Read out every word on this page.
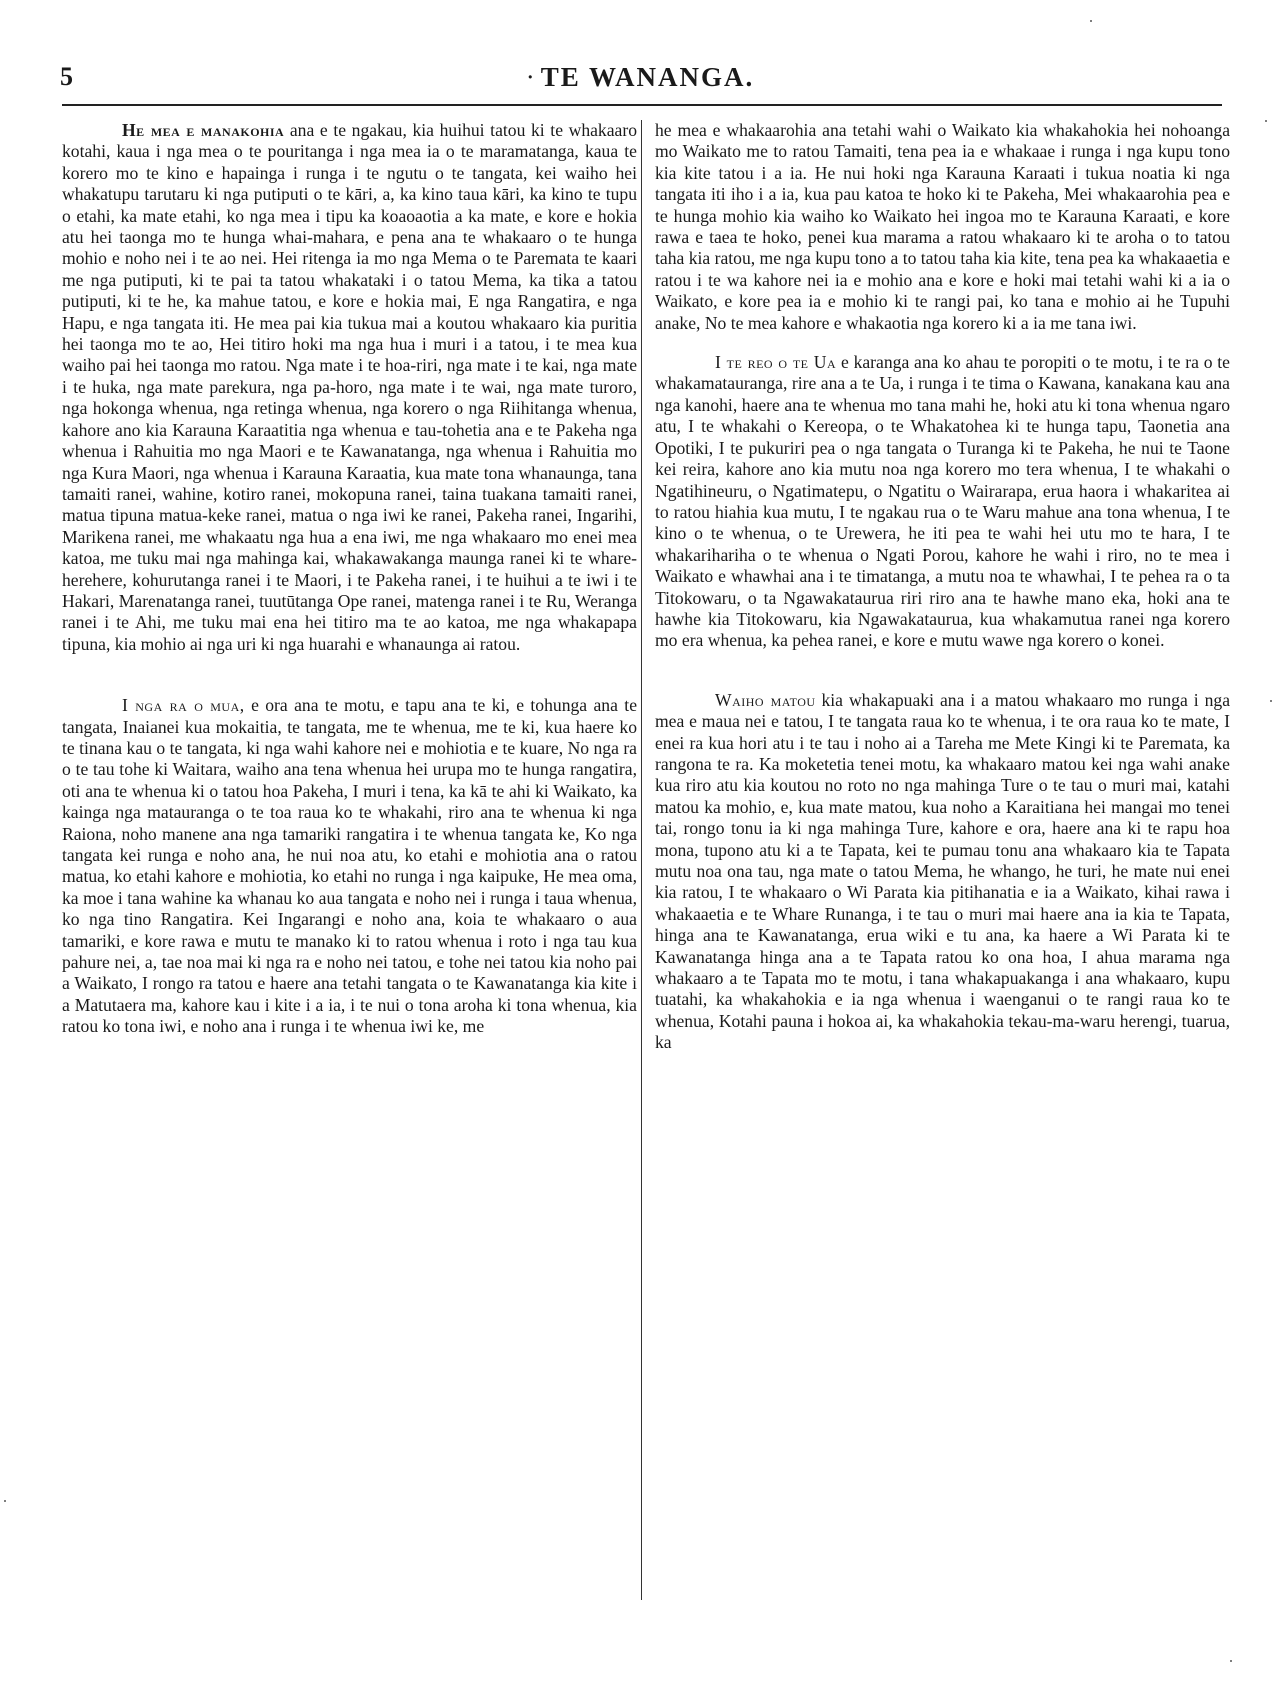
5	· TE WANANGA.

He mea e manakohia ana e te ngakau, kia huihui tatou ki te whakaaro kotahi, kaua i nga mea o te pouritanga i nga mea ia o te maramatanga, kaua te korero mo te kino e hapainga i runga i te ngutu o te tangata, kei waiho hei whakatupu tarutaru ki nga putiputi o te kāri, a, ka kino taua kāri, ka kino te tupu o etahi, ka mate etahi, ko nga mea i tipu ka koaoaotia a ka mate, e kore e hokia atu hei taonga mo te hunga whai-mahara, e pena ana te whakaaro o te hunga mohio e noho nei i te ao nei. Hei ritenga ia mo nga Mema o te Paremata te kaari me nga putiputi, ki te pai ta tatou whakataki i o tatou Mema, ka tika a tatou putiputi, ki te he, ka mahue tatou, e kore e hokia mai, E nga Rangatira, e nga Hapu, e nga tangata iti. He mea pai kia tukua mai a koutou whakaaro kia puritia hei taonga mo te ao, Hei titiro hoki ma nga hua i muri i a tatou, i te mea kua waiho pai hei taonga mo ratou. Nga mate i te hoa-riri, nga mate i te kai, nga mate i te huka, nga mate parekura, nga pa-horo, nga mate i te wai, nga mate turoro, nga hokonga whenua, nga retinga whenua, nga korero o nga Riihitanga whenua, kahore ano kia Karauna Karaatitia nga whenua e tau-tohetia ana e te Pakeha nga whenua i Rahuitia mo nga Maori e te Kawanatanga, nga whenua i Rahuitia mo nga Kura Maori, nga whenua i Karauna Karaatia, kua mate tona whanaunga, tana tamaiti ranei, wahine, kotiro ranei, mokopuna ranei, taina tuakana tamaiti ranei, matua tipuna matua-keke ranei, matua o nga iwi ke ranei, Pakeha ranei, Ingarihi, Marikena ranei, me whakaatu nga hua a ena iwi, me nga whakaaro mo enei mea katoa, me tuku mai nga mahinga kai, whakawakanga maunga ranei ki te whare-herehere, kohurutanga ranei i te Maori, i te Pakeha ranei, i te huihui a te iwi i te Hakari, Marenatanga ranei, tuutūtanga Ope ranei, matenga ranei i te Ru, Weranga ranei i te Ahi, me tuku mai ena hei titiro ma te ao katoa, me nga whakapapa tipuna, kia mohio ai nga uri ki nga huarahi e whanaunga ai ratou.

I nga ra o mua, e ora ana te motu, e tapu ana te ki, e tohunga ana te tangata, Inaianei kua mokaitia, te tangata, me te whenua, me te ki, kua haere ko te tinana kau o te tangata, ki nga wahi kahore nei e mohiotia e te kuare, No nga ra o te tau tohe ki Waitara, waiho ana tena whenua hei urupa mo te hunga rangatira, oti ana te whenua ki o tatou hoa Pakeha, I muri i tena, ka kā te ahi ki Waikato, ka kainga nga matauranga o te toa raua ko te whakahi, riro ana te whenua ki nga Raiona, noho manene ana nga tamariki rangatira i te whenua tangata ke, Ko nga tangata kei runga e noho ana, he nui noa atu, ko etahi e mohiotia ana o ratou matua, ko etahi kahore e mohiotia, ko etahi no runga i nga kaipuke, He mea oma, ka moe i tana wahine ka whanau ko aua tangata e noho nei i runga i taua whenua, ko nga tino Rangatira. Kei Ingarangi e noho ana, koia te whakaaro o aua tamariki, e kore rawa e mutu te manako ki to ratou whenua i roto i nga tau kua pahure nei, a, tae noa mai ki nga ra e noho nei tatou, e tohe nei tatou kia noho pai a Waikato, I rongo ra tatou e haere ana tetahi tangata o te Kawanatanga kia kite i a Matutaera ma, kahore kau i kite i a ia, i te nui o tona aroha ki tona whenua, kia ratou ko tona iwi, e noho ana i runga i te whenua iwi ke, me

he mea e whakaarohia ana tetahi wahi o Waikato kia whakahokia hei nohoanga mo Waikato me to ratou Tamaiti, tena pea ia e whakaae i runga i nga kupu tono kia kite tatou i a ia. He nui hoki nga Karauna Karaati i tukua noatia ki nga tangata iti iho i a ia, kua pau katoa te hoko ki te Pakeha, Mei whakaarohia pea e te hunga mohio kia waiho ko Waikato hei ingoa mo te Karauna Karaati, e kore rawa e taea te hoko, penei kua marama a ratou whakaaro ki te aroha o to tatou taha kia ratou, me nga kupu tono a to tatou taha kia kite, tena pea ka whakaaetia e ratou i te wa kahore nei ia e mohio ana e kore e hoki mai tetahi wahi ki a ia o Waikato, e kore pea ia e mohio ki te rangi pai, ko tana e mohio ai he Tupuhi anake, No te mea kahore e whakaotia nga korero ki a ia me tana iwi.

I te reo o te Ua e karanga ana ko ahau te poropiti o te motu, i te ra o te whakamataurangа, rire ana a te Ua, i runga i te tima o Kawana, kanakana kau ana nga kanohi, haere ana te whenua mo tana mahi he, hoki atu ki tona whenua ngaro atu, I te whakahi o Kereopa, o te Whakatohea ki te hunga tapu, Taonetia ana Opotiki, I te pukuriri pea o nga tangata o Turanga ki te Pakeha, he nui te Taone kei reira, kahore ano kia mutu noa nga korero mo tera whenua, I te whakahi o Ngatihineuru, o Ngatimatepu, o Ngatitu o Wairarapa, erua haora i whakaritea ai to ratou hiahia kua mutu, I te ngakau rua o te Waru mahue ana tona whenua, I te kino o te whenua, o te Urewera, he iti pea te wahi hei utu mo te hara, I te whakarihariha o te whenua o Ngati Porou, kahore he wahi i riro, no te mea i Waikato e whawhai ana i te timatanga, a mutu noa te whawhai, I te pehea ra o ta Titokowaru, o ta Ngawakataurua riri riro ana te hawhe mano eka, hoki ana te hawhe kia Titokowaru, kia Ngawakataurua, kua whakamutua ranei nga korero mo era whenua, ka pehea ranei, e kore e mutu wawe nga korero o konei.

Waiho matou kia whakapuaki ana i a matou whakaaro mo runga i nga mea e maua nei e tatou, I te tangata raua ko te whenua, i te ora raua ko te mate, I enei ra kua hori atu i te tau i noho ai a Tareha me Mete Kingi ki te Paremata, ka rangona te ra. Ka moketetia tenei motu, ka whakaaro matou kei nga wahi anake kua riro atu kia koutou no roto no nga mahinga Ture o te tau o muri mai, katahi matou ka mohio, e, kua mate matou, kua noho a Karaitiana hei mangai mo tenei tai, rongo tonu ia ki nga mahinga Ture, kahore e ora, haere ana ki te rapu hoa mona, tupono atu ki a te Tapata, kei te pumau tonu ana whakaaro kia te Tapata mutu noa ona tau, nga mate o tatou Mema, he whango, he turi, he mate nui enei kia ratou, I te whakaaro o Wi Parata kia pitihanatia e ia a Waikato, kihai rawa i whakaaetia e te Whare Runanga, i te tau o muri mai haere ana ia kia te Tapata, hinga ana te Kawanatanga, erua wiki e tu ana, ka haere a Wi Parata ki te Kawanatanga hinga ana a te Tapata ratou ko ona hoa, I ahua marama nga whakaaro a te Tapata mo te motu, i tana whakapuakanga i ana whakaaro, kupu tuatahi, ka whakahokia e ia nga whenua i waenganui o te rangi raua ko te whenua, Kotahi pauna i hokoa ai, ka whakahokia tekau-ma-waru herengi, tuarua, ka
